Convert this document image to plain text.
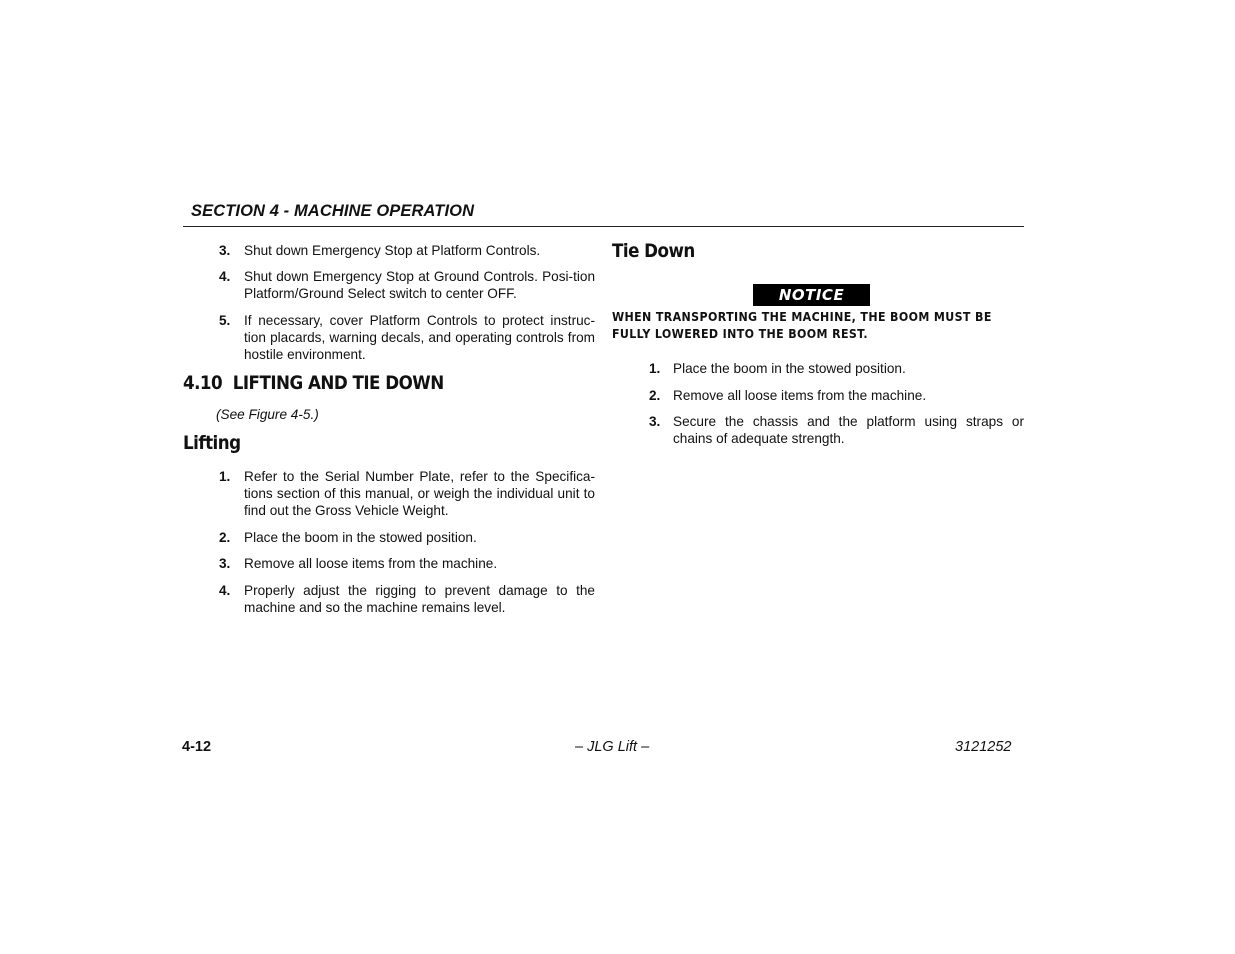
SECTION 4 - MACHINE OPERATION
3. Shut down Emergency Stop at Platform Controls.
4. Shut down Emergency Stop at Ground Controls. Posi-tion Platform/Ground Select switch to center OFF.
5. If necessary, cover Platform Controls to protect instruc-tion placards, warning decals, and operating controls from hostile environment.
4.10  LIFTING AND TIE DOWN
(See Figure 4-5.)
Lifting
1. Refer to the Serial Number Plate, refer to the Specifica-tions section of this manual, or weigh the individual unit to find out the Gross Vehicle Weight.
2. Place the boom in the stowed position.
3. Remove all loose items from the machine.
4. Properly adjust the rigging to prevent damage to the machine and so the machine remains level.
Tie Down
NOTICE
WHEN TRANSPORTING THE MACHINE, THE BOOM MUST BE FULLY LOWERED INTO THE BOOM REST.
1. Place the boom in the stowed position.
2. Remove all loose items from the machine.
3. Secure the chassis and the platform using straps or chains of adequate strength.
4-12	– JLG Lift –	3121252
